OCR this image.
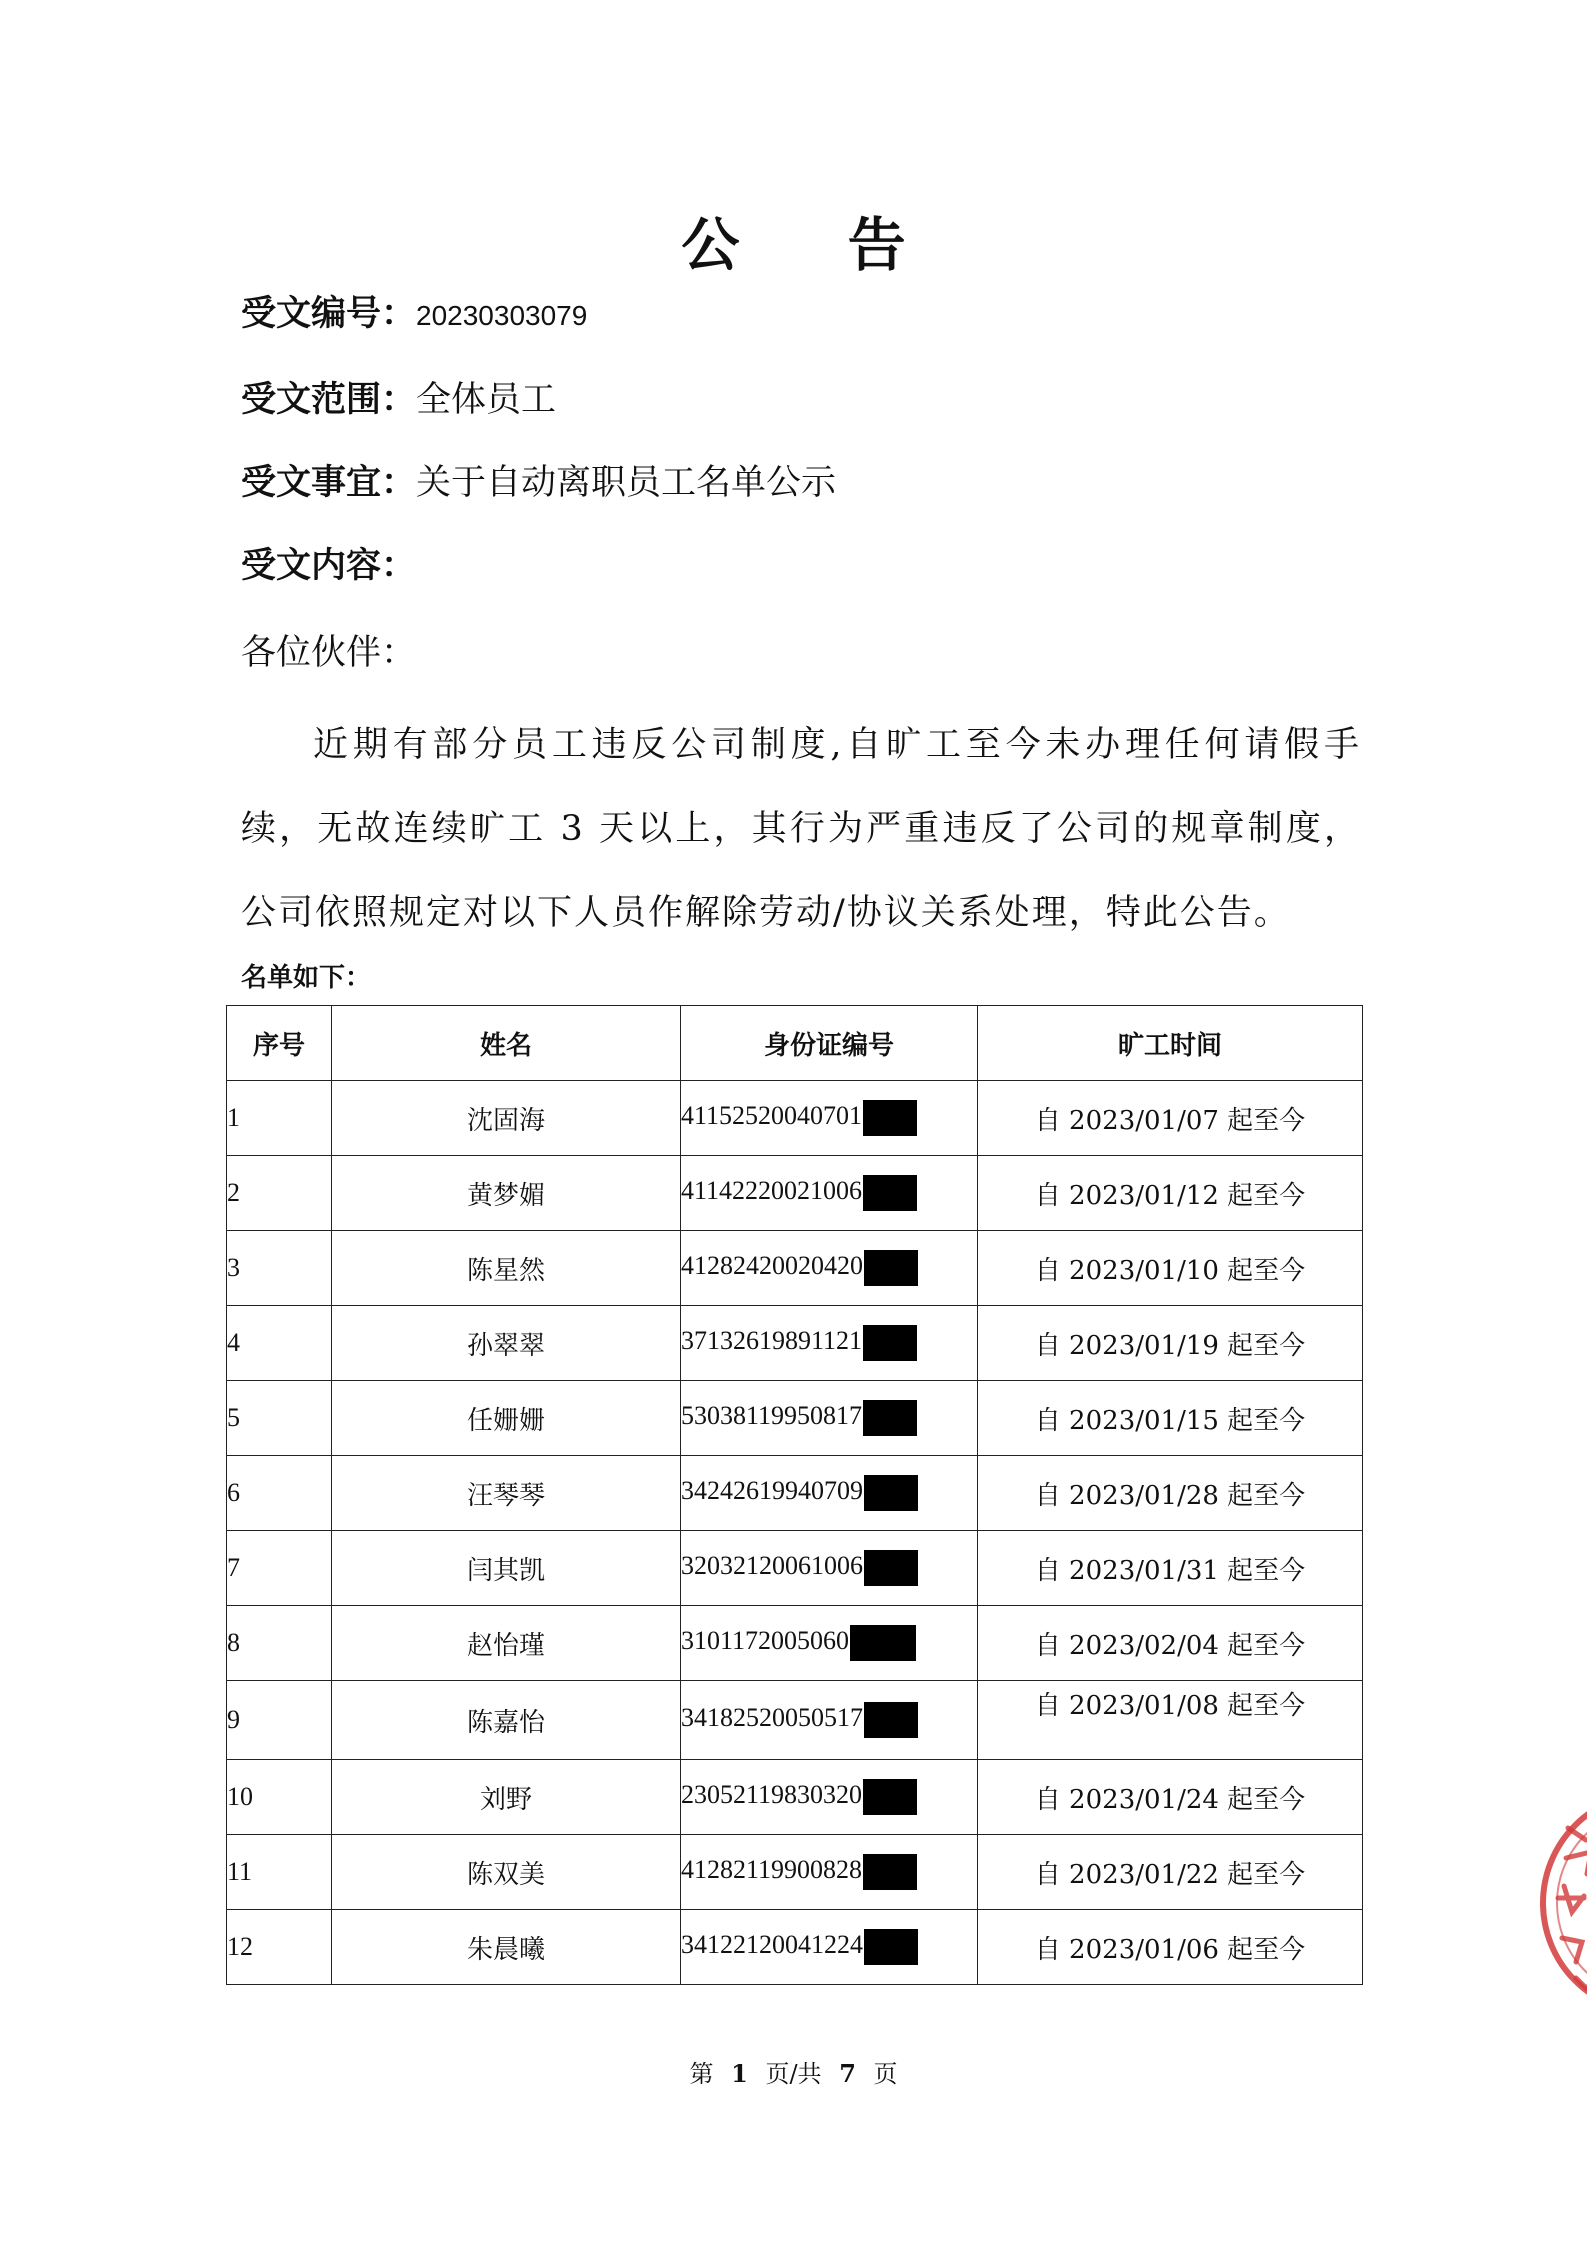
公 告
受文编号：20230303079
受文范围：全体员工
受文事宜：关于自动离职员工名单公示
受文内容：
各位伙伴：
近期有部分员工违反公司制度,自旷工至今未办理任何请假手续，无故连续旷工 3 天以上，其行为严重违反了公司的规章制度，公司依照规定对以下人员作解除劳动/协议关系处理，特此公告。
名单如下：
序号	姓名	身份证编号	旷工时间
1	沈固海	41152520040701	自 2023/01/07 起至今
2	黄梦媚	41142220021006	自 2023/01/12 起至今
3	陈星然	41282420020420	自 2023/01/10 起至今
4	孙翠翠	37132619891121	自 2023/01/19 起至今
5	任姗姗	53038119950817	自 2023/01/15 起至今
6	汪琴琴	34242619940709	自 2023/01/28 起至今
7	闫其凯	32032120061006	自 2023/01/31 起至今
8	赵怡瑾	3101172005060	自 2023/02/04 起至今
9	陈嘉怡	34182520050517	自 2023/01/08 起至今
10	刘野	23052119830320	自 2023/01/24 起至今
11	陈双美	41282119900828	自 2023/01/22 起至今
12	朱晨曦	34122120041224	自 2023/01/06 起至今
第 1 页/共 7 页
